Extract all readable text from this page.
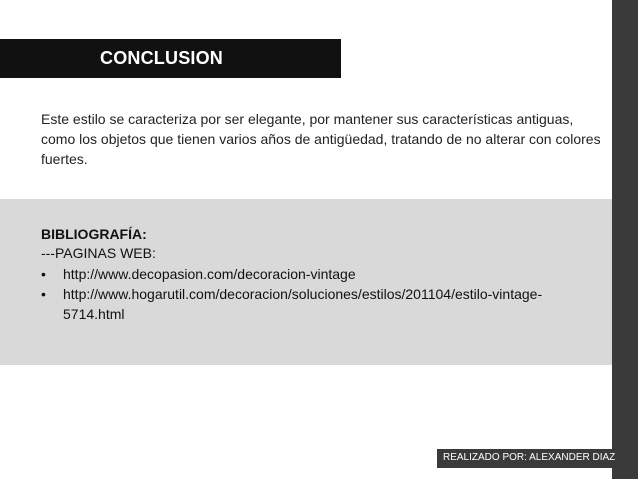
CONCLUSION

Este estilo se caracteriza por ser elegante, por mantener sus características antiguas, como los objetos que tienen varios años de antigüedad, tratando de no alterar con colores fuertes.

BIBLIOGRAFÍA:
---PAGINAS WEB:
• http://www.decopasion.com/decoracion-vintage
• http://www.hogarutil.com/decoracion/soluciones/estilos/201104/estilo-vintage-5714.html
REALIZADO POR: ALEXANDER DIAZ
